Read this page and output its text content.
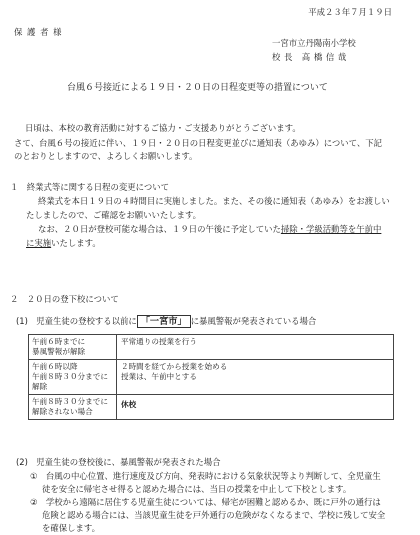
平成２３年７月１９日
保 護 者 様
一宮市立丹陽南小学校
校 長　高 橋 信 哉
台風６号接近による１９日・２０日の日程変更等の措置について
日頃は、本校の教育活動に対するご協力・ご支援ありがとうございます。
さて、台風６号の接近に伴い、１９日・２０日の日程変更並びに通知表（あゆみ）について、下記
のとおりとしますので、よろしくお願いします。
１　終業式等に関する日程の変更について
終業式を本日１９日の４時間目に実施しました。また、その後に通知表（あゆみ）をお渡しい
たしましたので、ご確認をお願いいたします。
なお、２０日が登校可能な場合は、１９日の午後に予定していた掃除・学級活動等を午前中
に実施いたします。
２　２０日の登下校について
(1)　児童生徒の登校する以前に 「一宮市」 に暴風警報が発表されている場合
午前６時までに
暴風警報が解除	平常通りの授業を行う

午前６時以降
午前８時３０分までに
解除	２時間を経てから授業を始める
授業は、午前中とする

午前８時３０分までに
解除されない場合	休校
(2)　児童生徒の登校後に、暴風警報が発表された場合
①　台風の中心位置、進行速度及び方向、発表時における気象状況等より判断して、全児童生
徒を安全に帰宅させ得ると認めた場合には、当日の授業を中止して下校とします。
②　学校から遠隔に居住する児童生徒については、帰宅が困難と認めるか、既に戸外の通行は
危険と認める場合には、当該児童生徒を戸外通行の危険がなくなるまで、学校に残して安全
を確保します。
